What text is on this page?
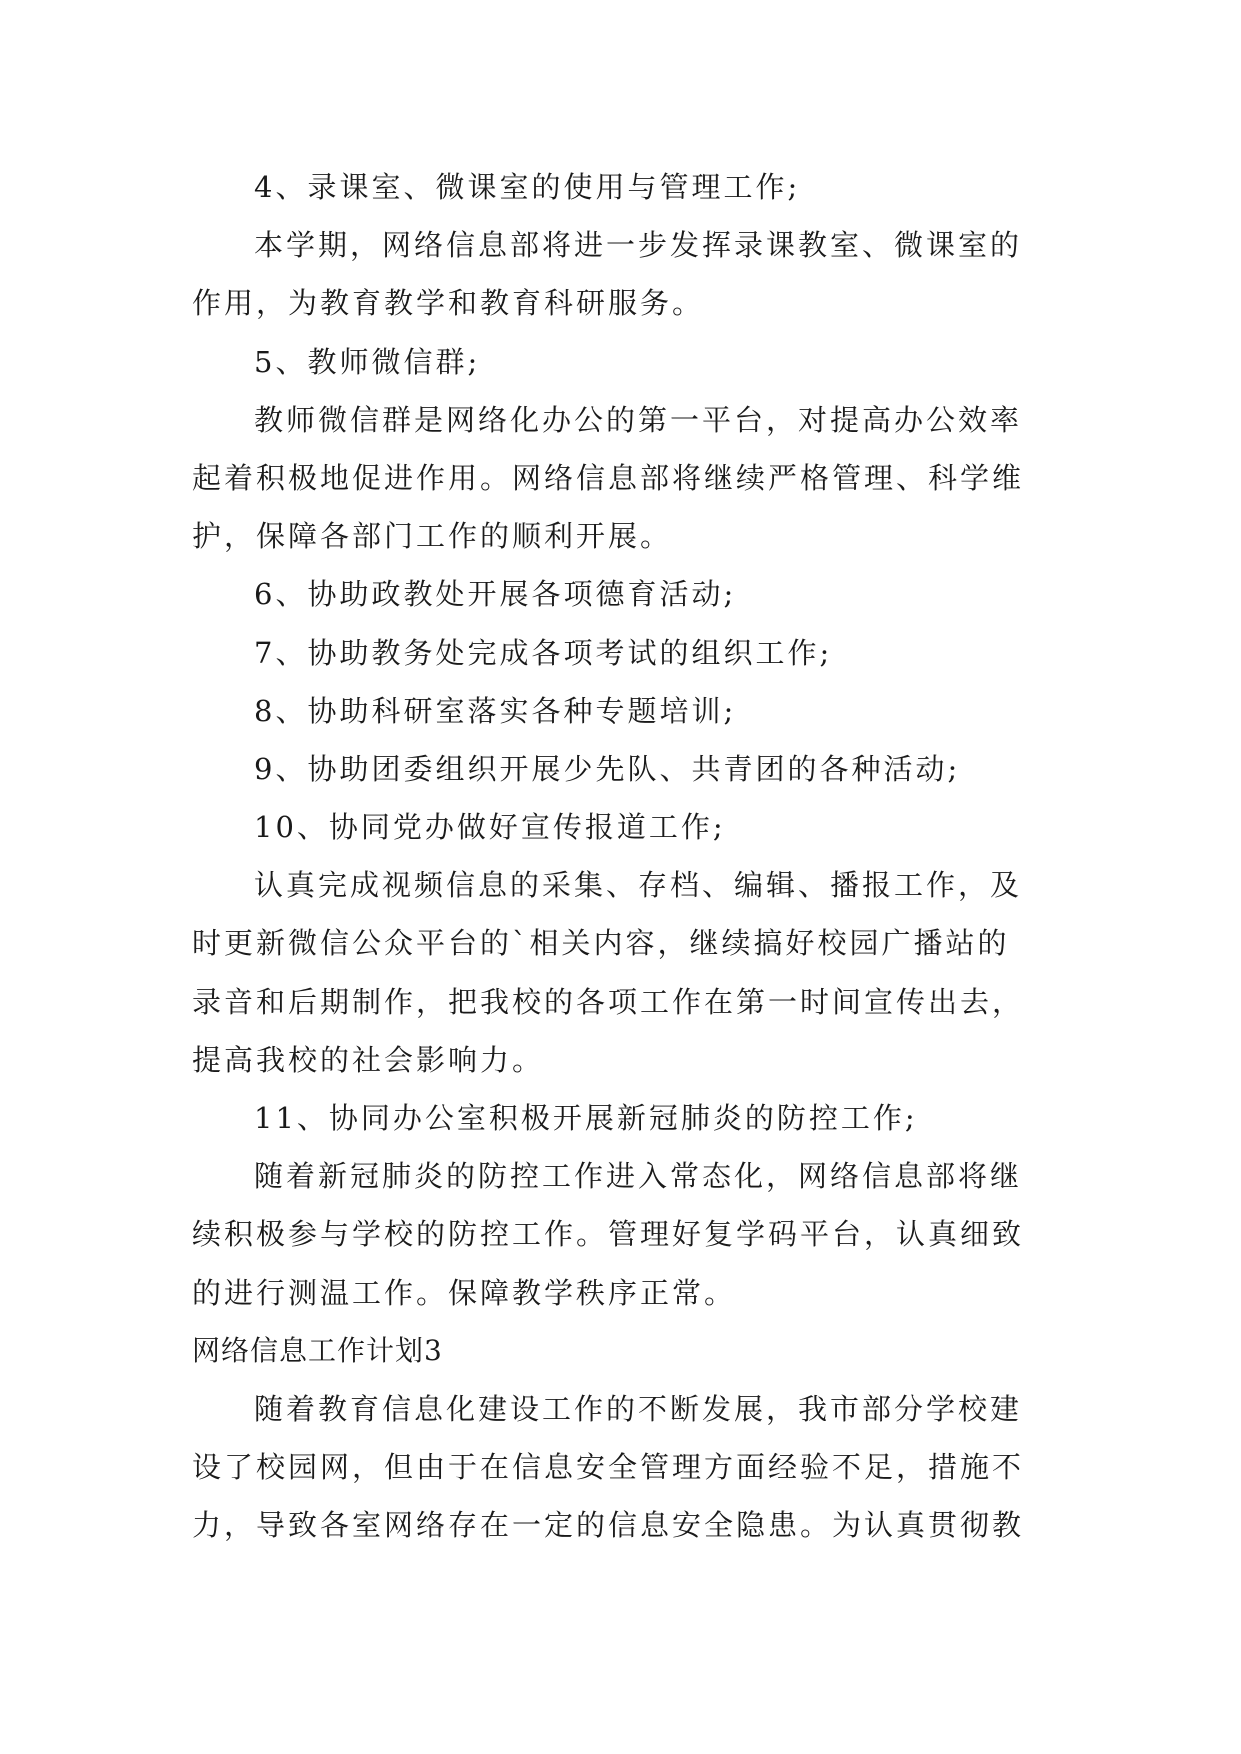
4、录课室、微课室的使用与管理工作;
本学期，网络信息部将进一步发挥录课教室、微课室的
作用，为教育教学和教育科研服务。
5、教师微信群;
教师微信群是网络化办公的第一平台，对提高办公效率
起着积极地促进作用。网络信息部将继续严格管理、科学维
护，保障各部门工作的顺利开展。
6、协助政教处开展各项德育活动;
7、协助教务处完成各项考试的组织工作;
8、协助科研室落实各种专题培训;
9、协助团委组织开展少先队、共青团的各种活动;
10、协同党办做好宣传报道工作;
认真完成视频信息的采集、存档、编辑、播报工作，及
时更新微信公众平台的`相关内容，继续搞好校园广播站的
录音和后期制作，把我校的各项工作在第一时间宣传出去，
提高我校的社会影响力。
11、协同办公室积极开展新冠肺炎的防控工作;
随着新冠肺炎的防控工作进入常态化，网络信息部将继
续积极参与学校的防控工作。管理好复学码平台，认真细致
的进行测温工作。保障教学秩序正常。
网络信息工作计划3
随着教育信息化建设工作的不断发展，我市部分学校建
设了校园网，但由于在信息安全管理方面经验不足，措施不
力，导致各室网络存在一定的信息安全隐患。为认真贯彻教
